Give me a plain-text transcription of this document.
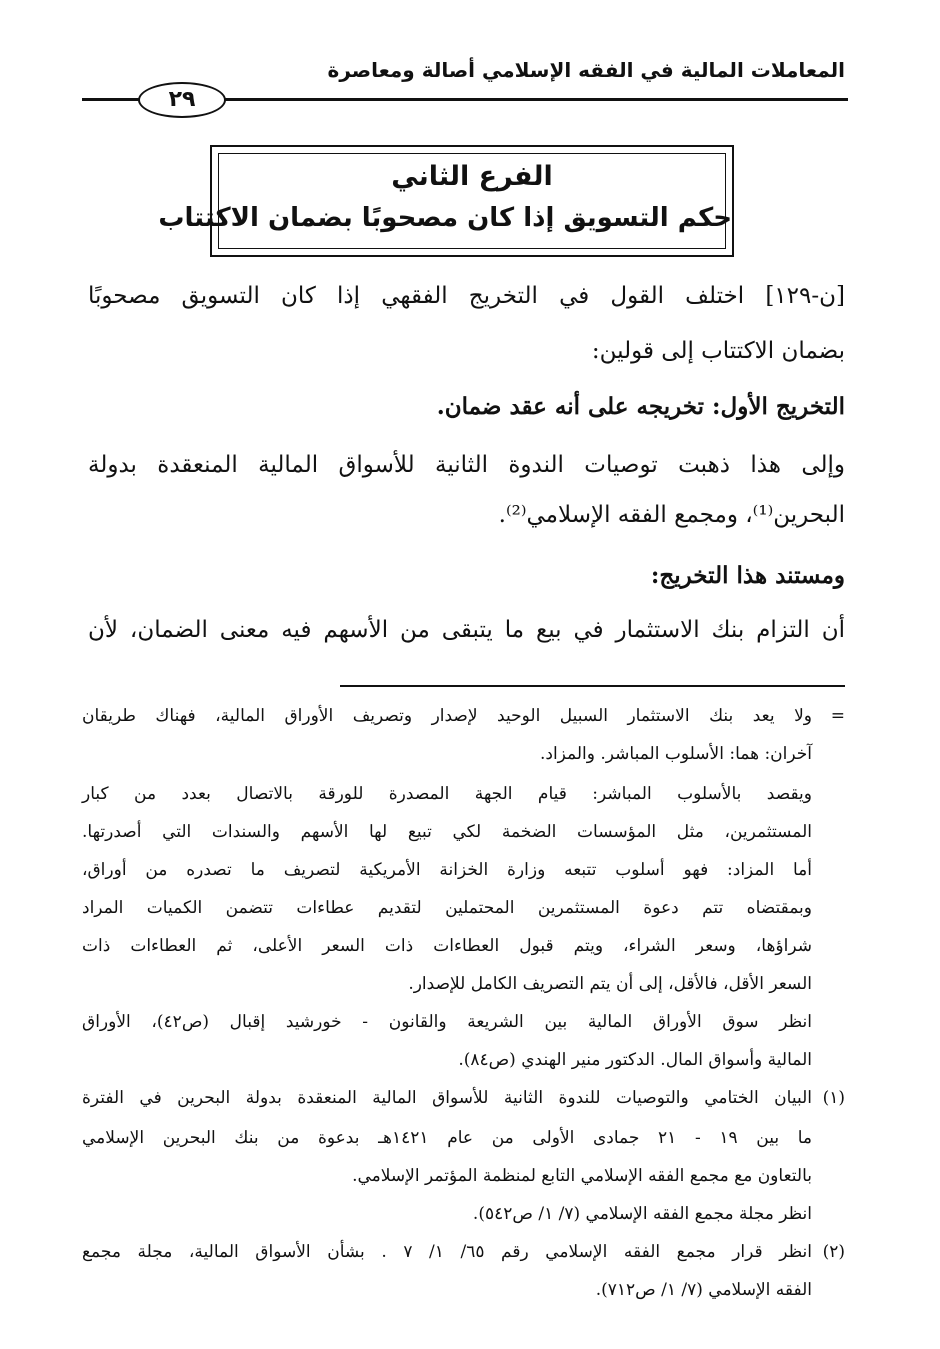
المعاملات المالية في الفقه الإسلامي أصالة ومعاصرة
٢٩
الفرع الثاني
حكم التسويق إذا كان مصحوبًا بضمان الاكتتاب
[ن-١٢٩] اختلف القول في التخريج الفقهي إذا كان التسويق مصحوبًا
بضمان الاكتتاب إلى قولين:
التخريج الأول: تخريجه على أنه عقد ضمان.
وإلى هذا ذهبت توصيات الندوة الثانية للأسواق المالية المنعقدة بدولة
البحرين⁽¹⁾، ومجمع الفقه الإسلامي⁽²⁾.
ومستند هذا التخريج:
أن التزام بنك الاستثمار في بيع ما يتبقى من الأسهم فيه معنى الضمان، لأن
=
ولا يعد بنك الاستثمار السبيل الوحيد لإصدار وتصريف الأوراق المالية، فهناك طريقان
آخران: هما: الأسلوب المباشر. والمزاد.
ويقصد بالأسلوب المباشر: قيام الجهة المصدرة للورقة بالاتصال بعدد من كبار
المستثمرين، مثل المؤسسات الضخمة لكي تبيع لها الأسهم والسندات التي أصدرتها.
أما المزاد: فهو أسلوب تتبعه وزارة الخزانة الأمريكية لتصريف ما تصدره من أوراق،
وبمقتضاه تتم دعوة المستثمرين المحتملين لتقديم عطاءات تتضمن الكميات المراد
شراؤها، وسعر الشراء، ويتم قبول العطاءات ذات السعر الأعلى، ثم العطاءات ذات
السعر الأقل، فالأقل، إلى أن يتم التصريف الكامل للإصدار.
انظر سوق الأوراق المالية بين الشريعة والقانون - خورشيد إقبال (ص٤٢)، الأوراق
المالية وأسواق المال. الدكتور منير الهندي (ص٨٤).
(١)
البيان الختامي والتوصيات للندوة الثانية للأسواق المالية المنعقدة بدولة البحرين في الفترة
ما بين ١٩ - ٢١ جمادى الأولى من عام ١٤٢١هـ بدعوة من بنك البحرين الإسلامي
بالتعاون مع مجمع الفقه الإسلامي التابع لمنظمة المؤتمر الإسلامي.
انظر مجلة مجمع الفقه الإسلامي (٧/ ١/ ص٥٤٢).
(٢)
انظر قرار مجمع الفقه الإسلامي رقم ٦٥/ ١/ ٧ . بشأن الأسواق المالية، مجلة مجمع
الفقه الإسلامي (٧/ ١/ ص٧١٢).
